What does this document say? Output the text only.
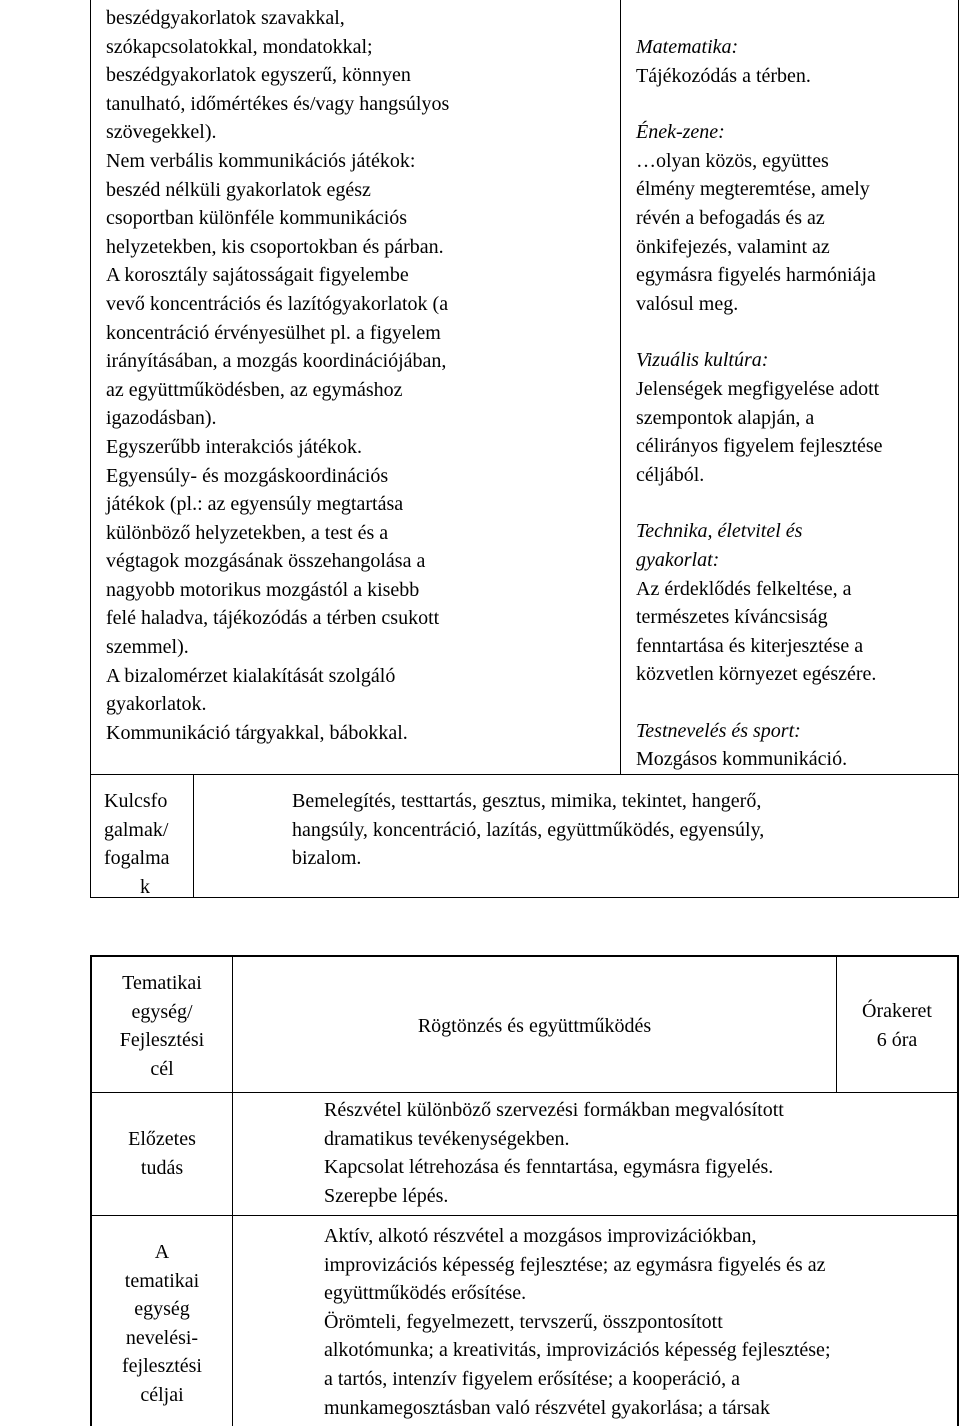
beszédgyakorlatok szavakkal,
szókapcsolatokkal, mondatokkal;
beszédgyakorlatok egyszerű, könnyen
tanulható, időmértékes és/vagy hangsúlyos
szövegekkel).
Nem verbális kommunikációs játékok:
beszéd nélküli gyakorlatok egész
csoportban különféle kommunikációs
helyzetekben, kis csoportokban és párban.
A korosztály sajátosságait figyelembe
vevő koncentrációs és lazítógyakorlatok (a
koncentráció érvényesülhet pl. a figyelem
irányításában, a mozgás koordinációjában,
az együttműködésben, az egymáshoz
igazodásban).
Egyszerűbb interakciós játékok.
Egyensúly- és mozgáskoordinációs
játékok (pl.: az egyensúly megtartása
különböző helyzetekben, a test és a
végtagok mozgásának összehangolása a
nagyobb motorikus mozgástól a kisebb
felé haladva, tájékozódás a térben csukott
szemmel).
A bizalomérzet kialakítását szolgáló
gyakorlatok.
Kommunikáció tárgyakkal, bábokkal.
Matematika:
Tájékozódás a térben.
Ének-zene:
…olyan közös, együttes
élmény megteremtése, amely
révén a befogadás és az
önkifejezés, valamint az
egymásra figyelés harmóniája
valósul meg.
Vizuális kultúra:
Jelenségek megfigyelése adott
szempontok alapján, a
célirányos figyelem fejlesztése
céljából.
Technika, életvitel és
gyakorlat:
Az érdeklődés felkeltése, a
természetes kíváncsiság
fenntartása és kiterjesztése a
közvetlen környezet egészére.
Testnevelés és sport:
Mozgásos kommunikáció.
Kulcsfo
galmak/
fogalma
k
Bemelegítés, testtartás, gesztus, mimika, tekintet, hangerő,
hangsúly, koncentráció, lazítás, együttműködés, egyensúly,
bizalom.
Tematikai
egység/
Fejlesztési
cél
Rögtönzés és együttműködés
Órakeret
6 óra
Előzetes
tudás
Részvétel különböző szervezési formákban megvalósított
dramatikus tevékenységekben.
Kapcsolat létrehozása és fenntartása, egymásra figyelés.
Szerepbe lépés.
A
tematikai
egység
nevelési-
fejlesztési
céljai
Aktív, alkotó részvétel a mozgásos improvizációkban,
improvizációs képesség fejlesztése; az egymásra figyelés és az
együttműködés erősítése.
Örömteli, fegyelmezett, tervszerű, összpontosított
alkotómunka; a kreativitás, improvizációs képesség fejlesztése;
a tartós, intenzív figyelem erősítése; a kooperáció, a
munkamegosztásban való részvétel gyakorlása; a társak
